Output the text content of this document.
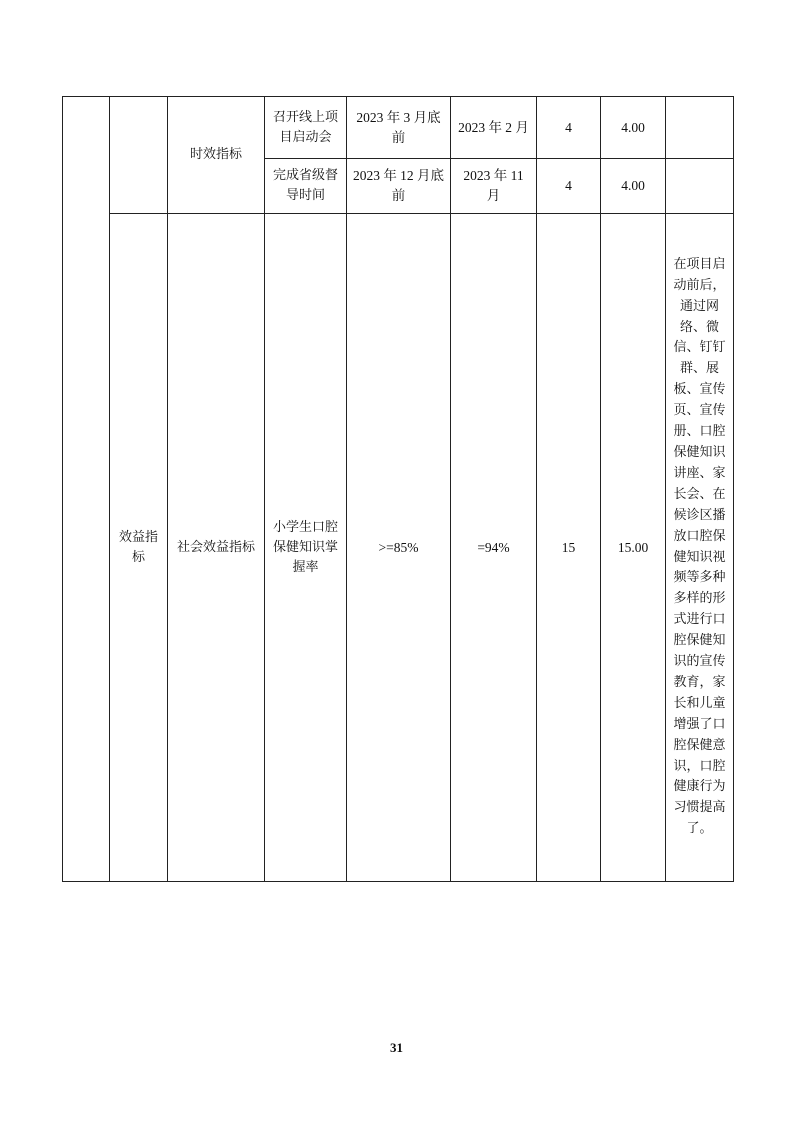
		时效指标	召开线上项目启动会	2023 年 3 月底前	2023 年 2 月	4	4.00	
			完成省级督导时间	2023 年 12 月底前	2023 年 11 月	4	4.00	
	效益指标	社会效益指标	小学生口腔保健知识掌握率	>=85%	=94%	15	15.00	在项目启动前后，通过网络、微信、钉钉群、展板、宣传页、宣传册、口腔保健知识讲座、家长会、在候诊区播放口腔保健知识视频等多种多样的形式进行口腔保健知识的宣传教育，家长和儿童增强了口腔保健意识，口腔健康行为习惯提高了。
31
